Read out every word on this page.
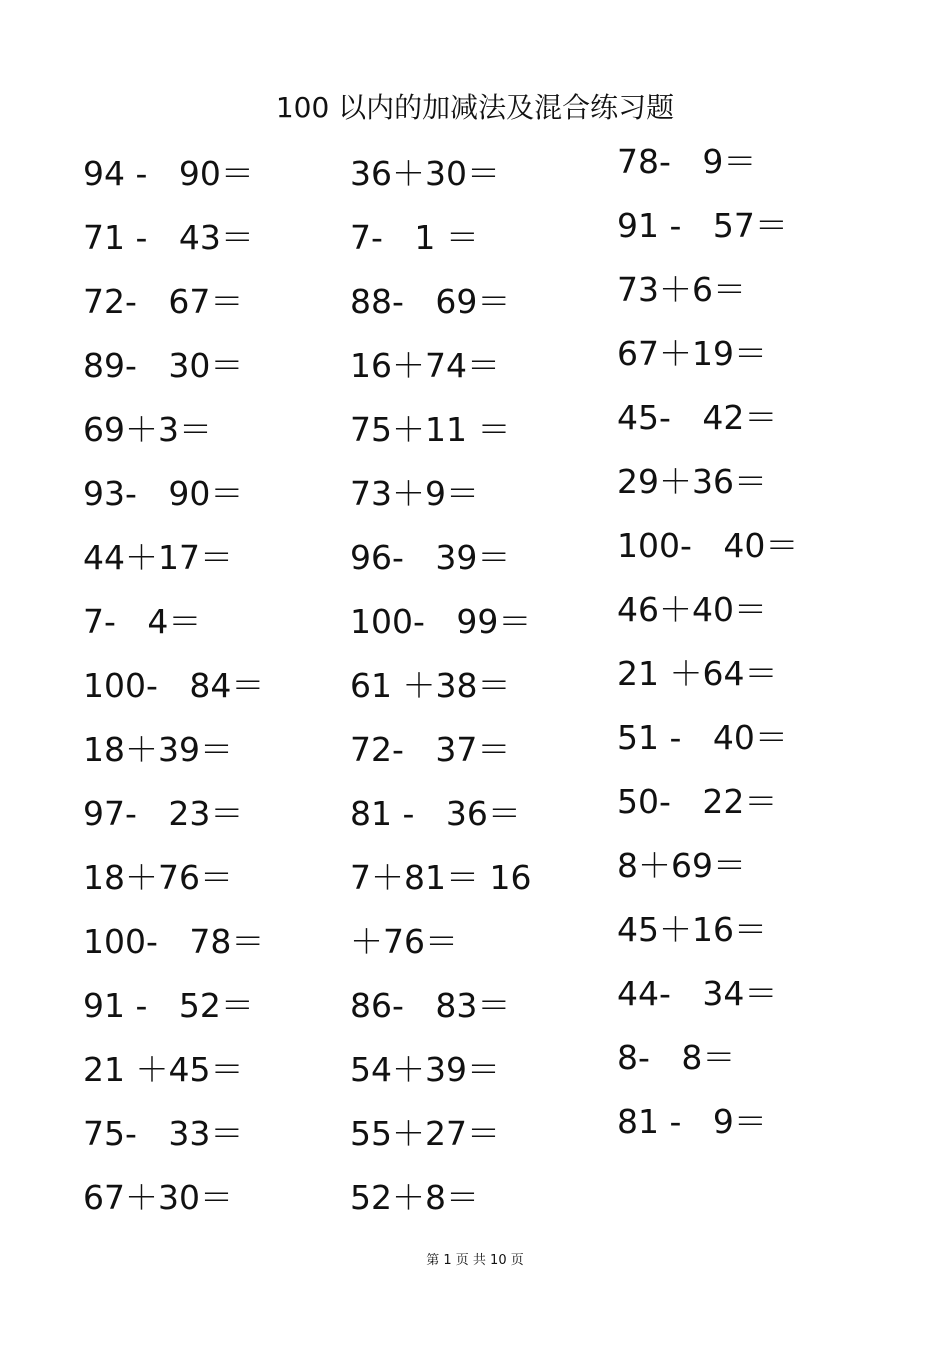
100 以内的加减法及混合练习题
94 -   90＝
71 -   43＝
72-   67＝
89-   30＝
69＋3＝
93-   90＝
44＋17＝
7-   4＝
100-   84＝
18＋39＝
97-   23＝
18＋76＝
100-   78＝
91 -   52＝
21 ＋45＝
75-   33＝
67＋30＝
36＋30＝
7-   1 ＝
88-   69＝
16＋74＝
75＋11 ＝
73＋9＝
96-   39＝
100-   99＝
61 ＋38＝
72-   37＝
81 -   36＝
7＋81＝ 16
＋76＝
86-   83＝
54＋39＝
55＋27＝
52＋8＝
78-   9＝
91 -   57＝
73＋6＝
67＋19＝
45-   42＝
29＋36＝
100-   40＝
46＋40＝
21 ＋64＝
51 -   40＝
50-   22＝
8＋69＝
45＋16＝
44-   34＝
8-   8＝
81 -   9＝
第 1 页 共 10 页
